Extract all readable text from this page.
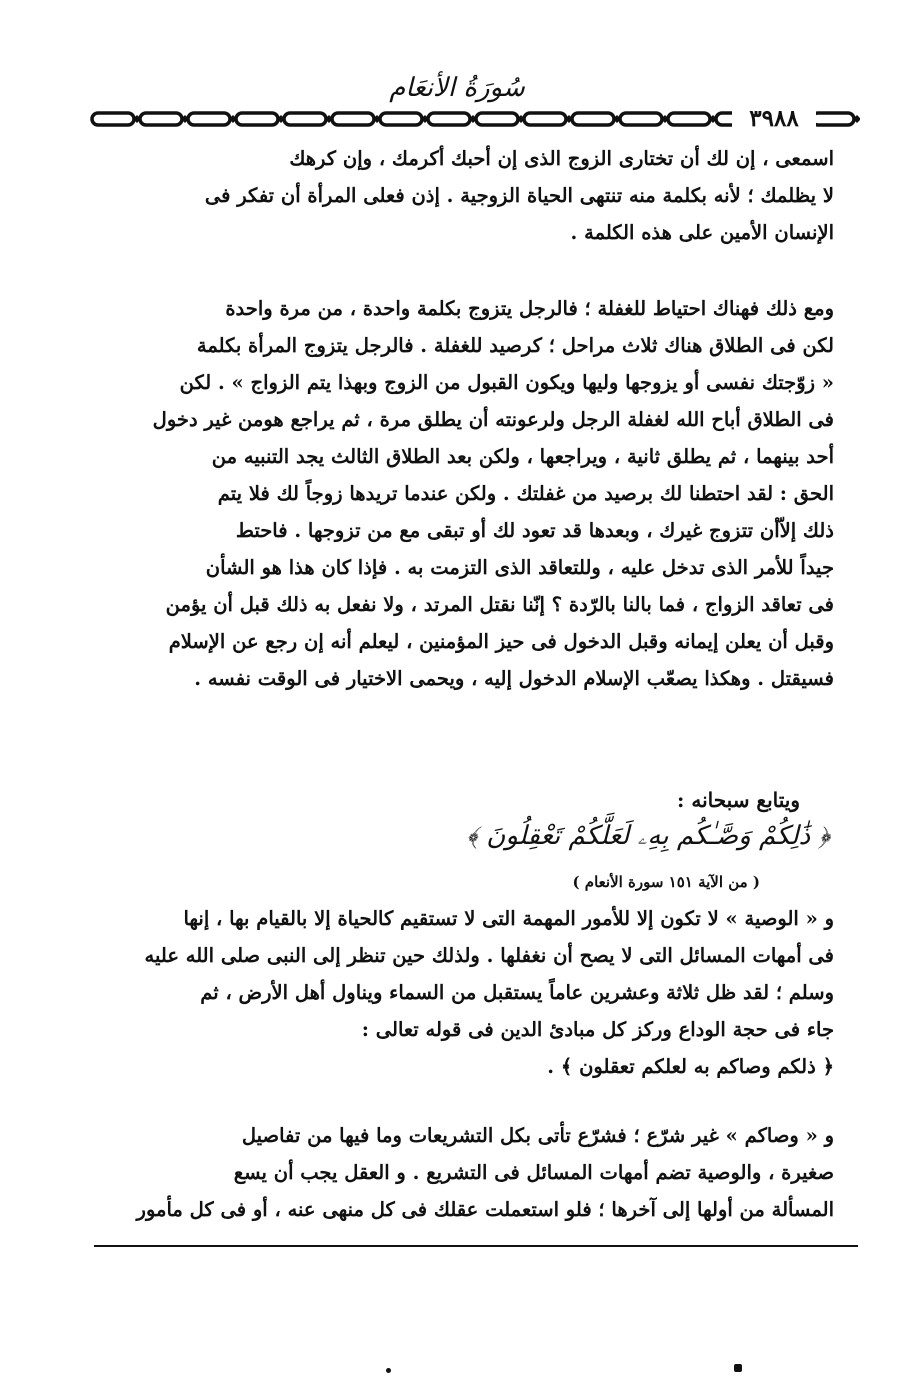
سُورَةُ الأنعَام
٣٩٨٨
اسمعى ، إن لك أن تختارى الزوج الذى إن أحبك أكرمك ، وإن كرهك
لا يظلمك ؛ لأنه بكلمة منه تنتهى الحياة الزوجية . إذن فعلى المرأة أن تفكر فى
الإنسان الأمين على هذه الكلمة .
ومع ذلك فهناك احتياط للغفلة ؛ فالرجل يتزوج بكلمة واحدة ، من مرة واحدة
لكن فى الطلاق هناك ثلاث مراحل ؛ كرصيد للغفلة . فالرجل يتزوج المرأة بكلمة
« زوّجتك نفسى أو يزوجها وليها ويكون القبول من الزوج وبهذا يتم الزواج » . لكن
فى الطلاق أباح الله لغفلة الرجل ولرعونته أن يطلق مرة ، ثم يراجع هومن غير دخول
أحد بينهما ، ثم يطلق ثانية ، ويراجعها ، ولكن بعد الطلاق الثالث يجد التنبيه من
الحق : لقد احتطنا لك برصيد من غفلتك . ولكن عندما تريدها زوجاً لك فلا يتم
ذلك إلاّأن تتزوج غيرك ، وبعدها قد تعود لك أو تبقى مع من تزوجها . فاحتط
جيداً للأمر الذى تدخل عليه ، وللتعاقد الذى التزمت به . فإذا كان هذا هو الشأن
فى تعاقد الزواج ، فما بالنا بالرّدة ؟ إنّنا نقتل المرتد ، ولا نفعل به ذلك قبل أن يؤمن
وقبل أن يعلن إيمانه وقبل الدخول فى حيز المؤمنين ، ليعلم أنه إن رجع عن الإسلام
فسيقتل . وهكذا يصعّب الإسلام الدخول إليه ، ويحمى الاختيار فى الوقت نفسه .
ويتابع سبحانه :
﴿ ذَٰلِكُمْ وَصَّـٰكُم بِهِۦ لَعَلَّكُمْ تَعْقِلُونَ ﴾
( من الآية ١٥١ سورة الأنعام )
و « الوصية » لا تكون إلا للأمور المهمة التى لا تستقيم كالحياة إلا بالقيام بها ، إنها
فى أمهات المسائل التى لا يصح أن نغفلها . ولذلك حين تنظر إلى النبى صلى الله عليه
وسلم ؛ لقد ظل ثلاثة وعشرين عاماً يستقبل من السماء ويناول أهل الأرض ، ثم
جاء فى حجة الوداع وركز كل مبادئ الدين فى قوله تعالى :
﴿ ذلكم وصاكم به لعلكم تعقلون ﴾ .
و « وصاكم » غير شرّع ؛ فشرّع تأتى بكل التشريعات وما فيها من تفاصيل
صغيرة ، والوصية تضم أمهات المسائل فى التشريع . و العقل يجب أن يسع
المسألة من أولها إلى آخرها ؛ فلو استعملت عقلك فى كل منهى عنه ، أو فى كل مأمور
